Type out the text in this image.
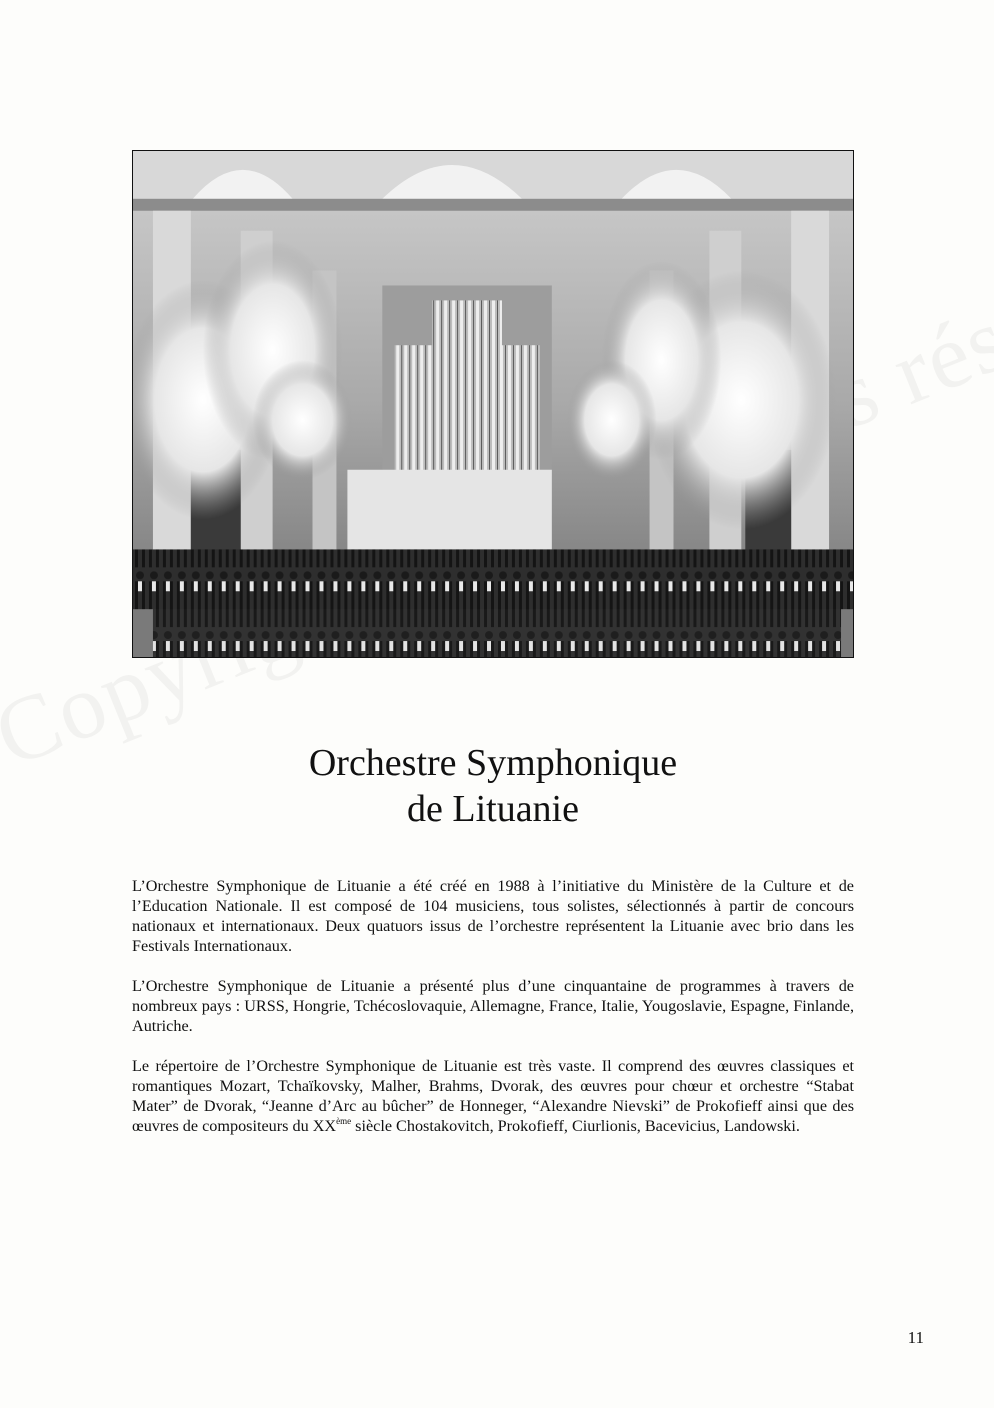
Orchestre Symphonique
de Lituanie

L’Orchestre Symphonique de Lituanie a été créé en 1988 à l’initiative du Ministère de la Culture et de l’Education Nationale. Il est composé de 104 musiciens, tous solistes, sélectionnés à partir de concours nationaux et internationaux. Deux quatuors issus de l’orchestre représentent la Lituanie avec brio dans les Festivals Internationaux.

L’Orchestre Symphonique de Lituanie a présenté plus d’une cinquantaine de programmes à travers de nombreux pays : URSS, Hongrie, Tchécoslovaquie, Allemagne, France, Italie, Yougoslavie, Espagne, Finlande, Autriche.

Le répertoire de l’Orchestre Symphonique de Lituanie est très vaste. Il comprend des œuvres classiques et romantiques Mozart, Tchaïkovsky, Malher, Brahms, Dvorak, des œuvres pour chœur et orchestre “Stabat Mater” de Dvorak, “Jeanne d’Arc au bûcher” de Honneger, “Alexandre Nievski” de Prokofieff ainsi que des œuvres de compositeurs du XXème siècle Chostakovitch, Prokofieff, Ciurlionis, Bacevicius, Landowski.

11
